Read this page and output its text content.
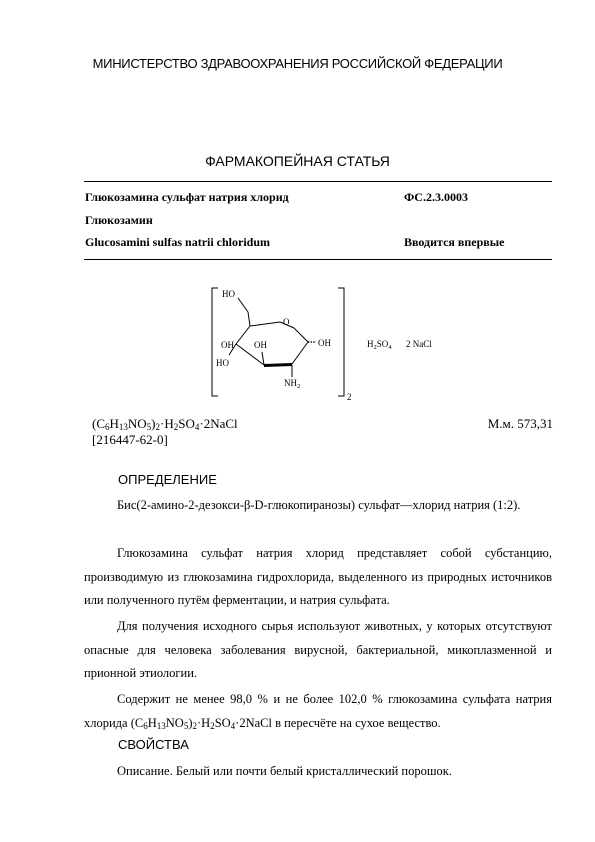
МИНИСТЕРСТВО ЗДРАВООХРАНЕНИЯ РОССИЙСКОЙ ФЕДЕРАЦИИ
ФАРМАКОПЕЙНАЯ СТАТЬЯ
Глюкозамина сульфат натрия хлорид	ФС.2.3.0003
Глюкозамин
Glucosamini sulfas natrii chloridum	Вводится впервые
2
HO
O
OH
OH
OH
HO
$NH_2$
$H_2SO_4$ 2 NaCl
$(C_6H_{13}NO_5)_2\cdot H_2SO_4\cdot 2NaCl$	М.м. 573,31
[216447-62-0]
ОПРЕДЕЛЕНИЕ
Бис(2-амино-2-дезокси-β-D-глюкопиранозы) сульфат—хлорид натрия (1:2).
Глюкозамина сульфат натрия хлорид представляет собой субстанцию, производимую из глюкозамина гидрохлорида, выделенного из природных источников или полученного путём ферментации, и натрия сульфата.
Для получения исходного сырья используют животных, у которых отсутствуют опасные для человека заболевания вирусной, бактериальной, микоплазменной и прионной этиологии.
Содержит не менее 98,0 % и не более 102,0 % глюкозамина сульфата натрия хлорида $(C_6H_{13}NO_5)_2\cdot H_2SO_4\cdot 2NaCl$ в пересчёте на сухое вещество.
СВОЙСТВА
Описание. Белый или почти белый кристаллический порошок.
